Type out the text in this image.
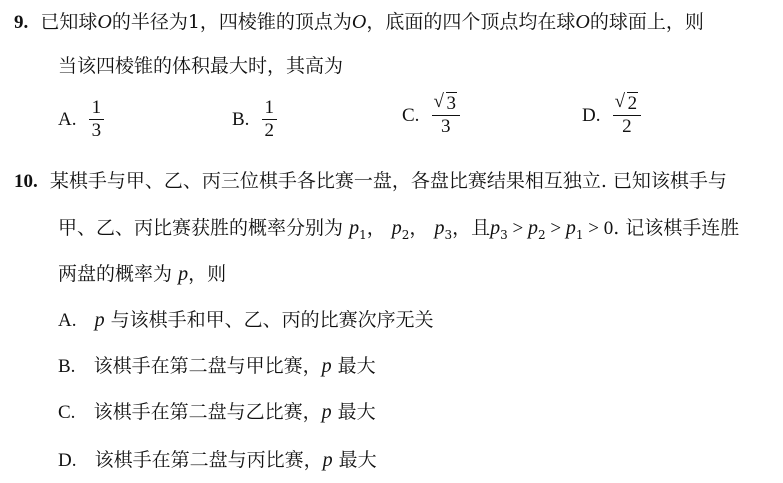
9. 已知球O的半径为1，四棱锥的顶点为O，底面的四个顶点均在球O的球面上，则
当该四棱锥的体积最大时，其高为
A. $\frac{1}{3}$	B. $\frac{1}{2}$	C. √ $\frac{3}{3}$	D. √ $\frac{2}{2}$
10. 某棋手与甲、乙、丙三位棋手各比赛一盘，各盘比赛结果相互独立. 已知该棋手与
甲、乙、丙比赛获胜的概率分别为 $p_1$， $p_2$， $p_3$，且$p_3 > p_2 > p_1 > 0$. 记该棋手连胜
两盘的概率为 p，则
A. p 与该棋手和甲、乙、丙的比赛次序无关
B. 该棋手在第二盘与甲比赛，p 最大
C. 该棋手在第二盘与乙比赛，p 最大
D. 该棋手在第二盘与丙比赛，p 最大
